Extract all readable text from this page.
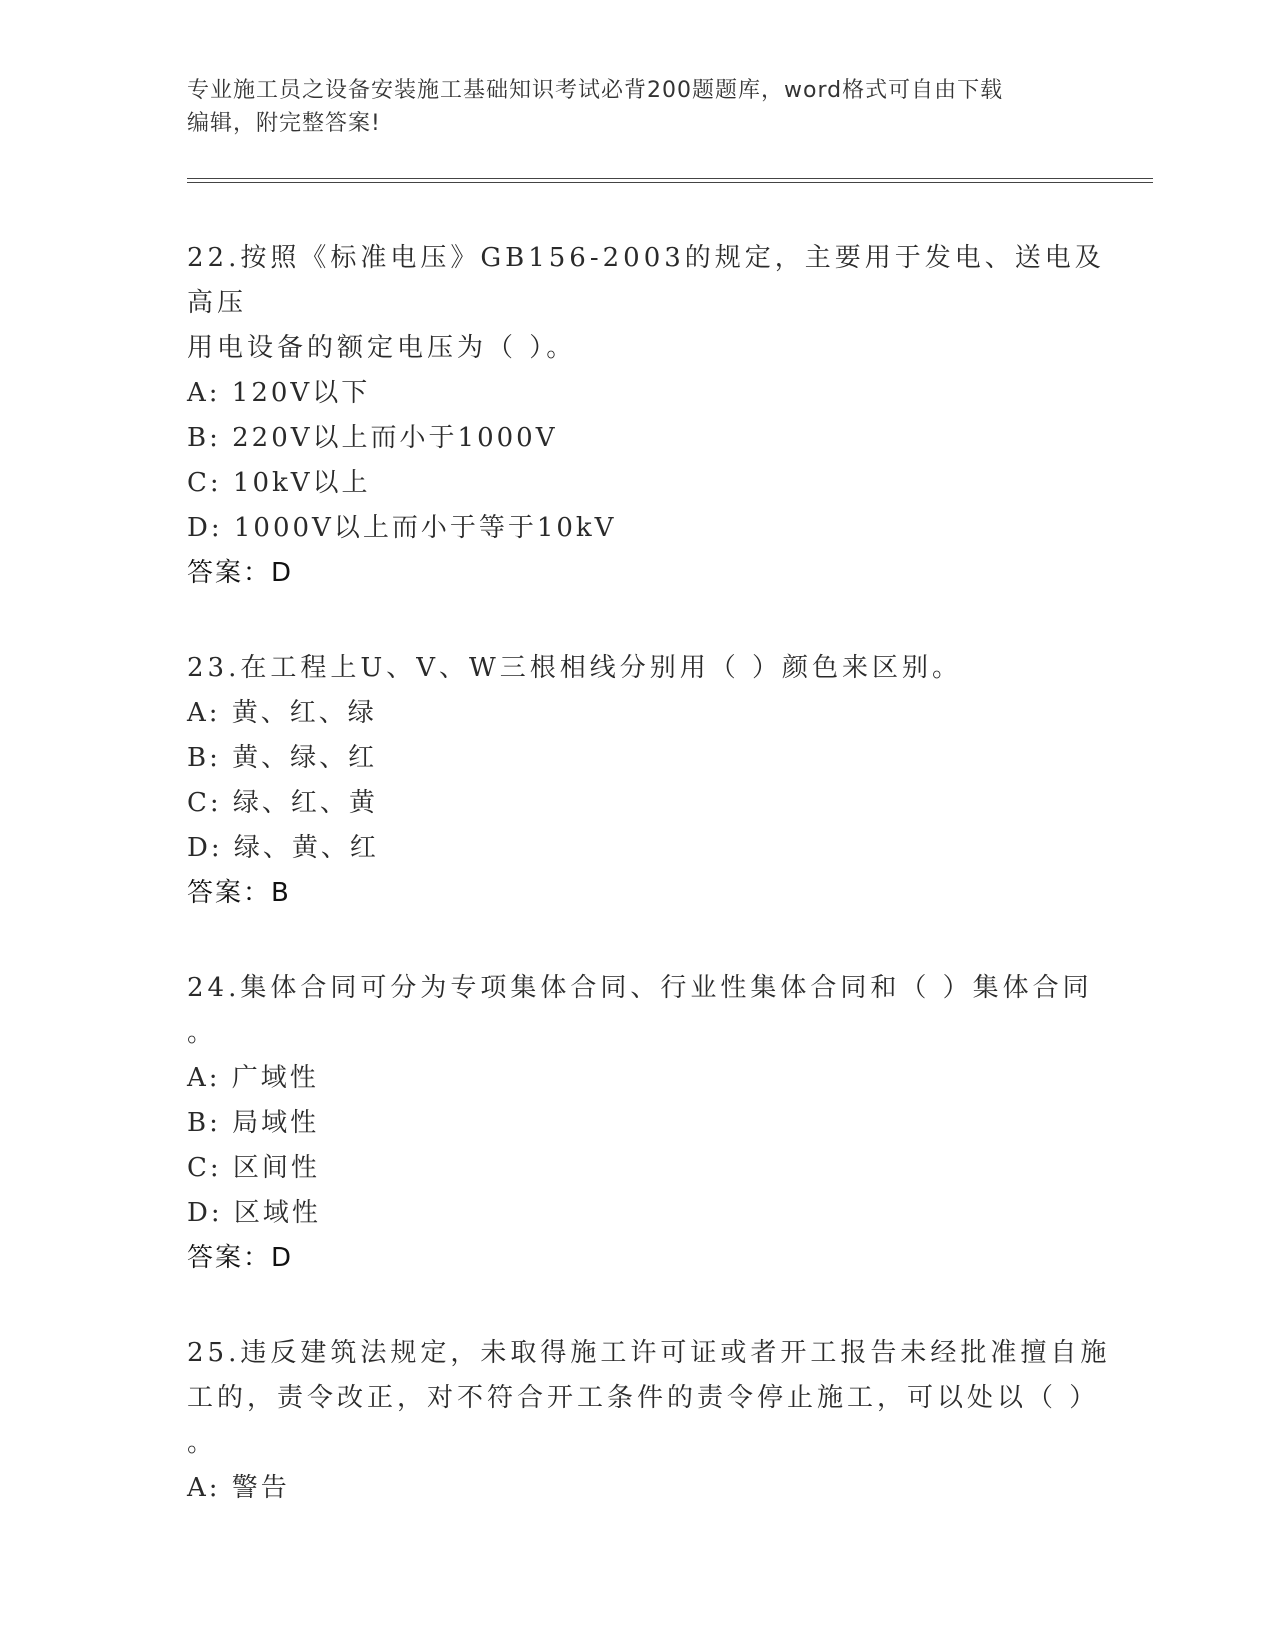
专业施工员之设备安装施工基础知识考试必背200题题库，word格式可自由下载
编辑，附完整答案!

22.按照《标准电压》GB156-2003的规定，主要用于发电、送电及高压

用电设备的额定电压为（ ）。

A: 120V以下

B: 220V以上而小于1000V

C: 10kV以上

D: 1000V以上而小于等于10kV

答案：D

23.在工程上U、V、W三根相线分别用（ ）颜色来区别。

A: 黄、红、绿

B: 黄、绿、红

C: 绿、红、黄

D: 绿、黄、红

答案：B

24.集体合同可分为专项集体合同、行业性集体合同和（ ）集体合同

。

A: 广域性

B: 局域性

C: 区间性

D: 区域性

答案：D

25.违反建筑法规定，未取得施工许可证或者开工报告未经批准擅自施

工的，责令改正，对不符合开工条件的责令停止施工，可以处以（ ）

。

A: 警告
